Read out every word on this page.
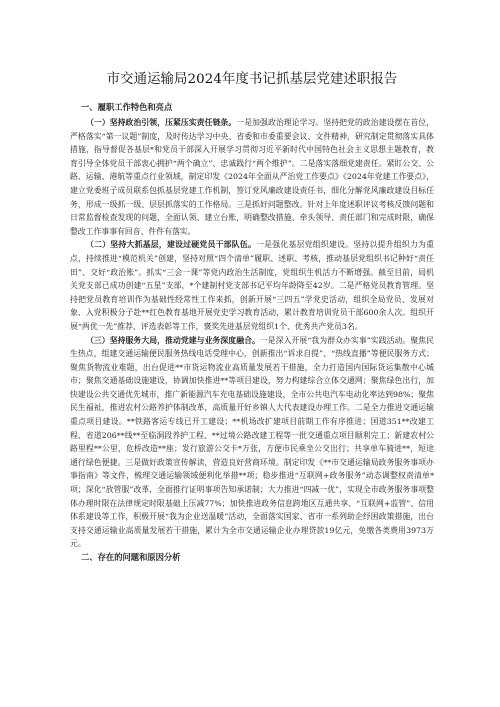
市交通运输局2024年度书记抓基层党建述职报告
一、履职工作特色和亮点

（一）坚持政治引领，压紧压实责任链条。一是加强政治理论学习。坚持把党的政治建设摆在首位，严格落实“第一议题”制度，及时传达学习中央、省委和市委重要会议、文件精神，研究制定贯彻落实具体措施，指导督促各基层*和党员干部深入开展学习贯彻习近平新时代中国特色社会主义思想主题教育，教育引导全体党员干部衷心拥护“两个确立”、忠诚践行“两个维护”。二是落实落细党建责任。紧盯公交、公路、运输、港航等重点行业领域，制定印发《2024年全面从严治党工作要点》《2024年党建工作要点》，建立党委班子成员联系包抓基层党建工作机制，签订党风廉政建设责任书，细化分解党风廉政建设目标任务，形成一级抓一级、层层抓落实的工作格局。三是抓好问题整改。针对上年度述职评议考核反馈问题和日常监督检查发现的问题，全面认领、建立台账，明确整改措施、牵头领导、责任部门和完成时限，确保整改工作事事有回音、件件有落实。

（二）坚持大抓基层，建设过硬党员干部队伍。一是强化基层党组织建设。坚持以提升组织力为重点，持续推进“模范机关”创建，坚持对照“四个清单”履职、述职、考核，推动基层党组织书记种好“责任田”、交好“政治账”。抓实“三会一课”等党内政治生活制度，党组织生机活力不断增强。截至目前，局机关党支部已成功创建“五星”支部，*个建制村党支部书记平均年龄降至42岁。二是严格党员教育管理。坚持把党员教育培训作为基础性经常性工作来抓，创新开展“三四五”学党史活动，组织全局党员、发展对象、入党积极分子赴**红色教育基地开展党史学习教育活动，累计教育培训党员干部600余人次。组织开展“两优一先”推荐、评选表彰等工作，褒奖先进基层党组织1个、优秀共产党员3名。

（三）坚持服务大局，推动党建与业务深度融合。一是深入开展“我为群众办实事”实践活动。聚焦民生热点，组建交通运输便民服务热线电话受理中心，创新推出“诉求自提”、“热线直播”等便民服务方式；聚焦货物流业难题，出台促进**市货运物流业高质量发展若干措施，全力打造国内国际货运集散中心城市；聚焦交通基础设施建设，协调加快推进**等项目建设，努力构建综合立体交通网；聚焦绿色出行，加快建设公共交通优先城市，推广新能源汽车充电基础设施建设，全市公共电汽车电动化率达到98%；聚焦民生福祉，推进农村公路养护体制改革，高质量开好乡镇人大代表建设办理工作。二是全力推进交通运输重点项目建设。**铁路客运专线已开工建设；**机场改扩建项目前期工作有序推进；国道351**改建工程、省道206**线**至临洞段养护工程、**过境公路改建工程等一批交通重点项目顺利完工；新建农村公路里程**公里，危桥改造**座；发行旅游公交卡*万张，方便市民乘坐公交出行；共享单车骑进**，短途通行绿色便捷。三是做好政策宣传解读，营造良好营商环境。制定印发《**市交通运输局政务服务事项办事指南》等文件，梳理交通运输领域便利化举措**项；稳步推进“互联网+政务服务”动态调整权责清单*项；深化“放管服”改革，全面推行证明事项告知承诺制；大力推进“四减一优”，实现全市政务服务事项整体办理时限在法律规定时限基础上压减77%；加快推进政务信息跨地区互通共享、“互联网+监管”、信用体系建设等工作，积极开展“我为企业送温暖”活动，全面落实国家、省市一系列助企纾困政策措施，出台支持交通运输业高质量发展若干措施，累计为全市交通运输企业办理贷款19亿元，免缴各类费用3973万元。

二、存在的问题和原因分析
